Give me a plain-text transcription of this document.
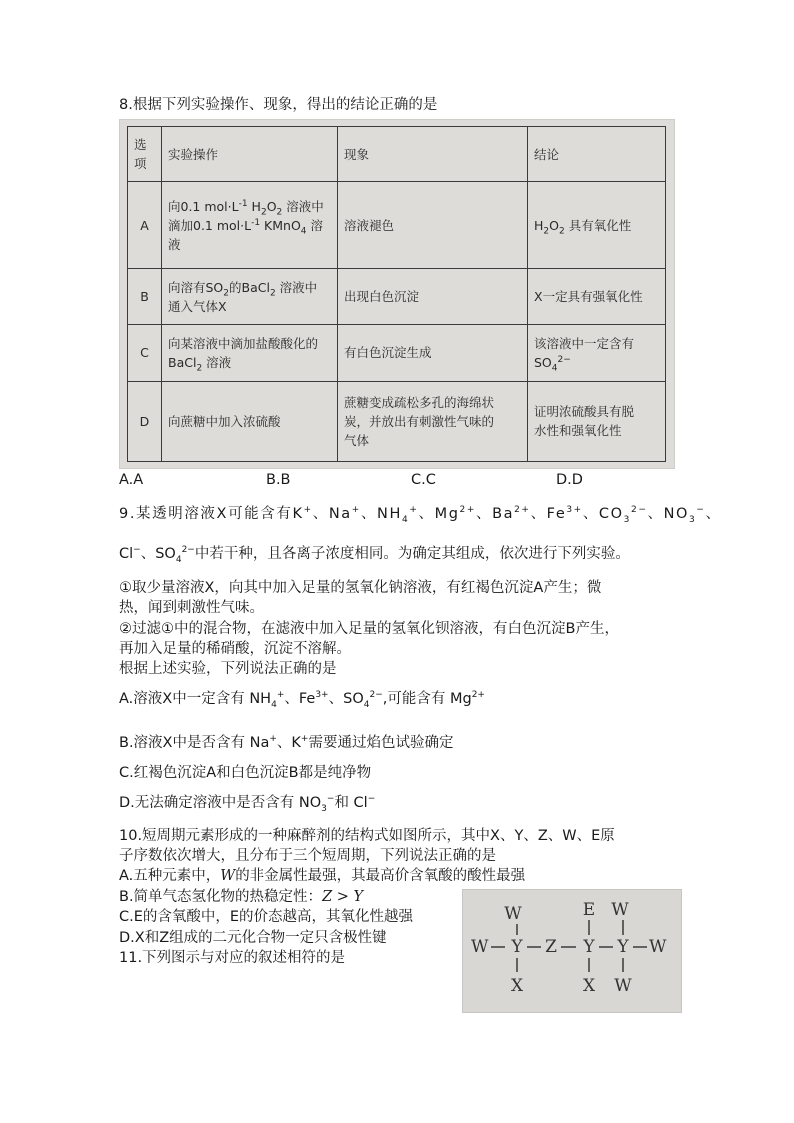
8.根据下列实验操作、现象，得出的结论正确的是
选项	实验操作	现象	结论
A	向0.1 $mol\cdot L^{-1}$ $H_2O_2$ 溶液中
滴加0.1 $mol\cdot L^{-1}$ KMnO$_4$ 溶
液	溶液褪色	$H_2O_2$ 具有氧化性
B	向溶有$SO_2$的BaCl$_2$ 溶液中
通入气体X	出现白色沉淀	X一定具有强氧化性
C	向某溶液中滴加盐酸酸化的
BaCl$_2$ 溶液	有白色沉淀生成	该溶液中一定含有
$SO_4^{2-}$
D	向蔗糖中加入浓硫酸	蔗糖变成疏松多孔的海绵状
炭，并放出有刺激性气味的
气体	证明浓硫酸具有脱
水性和强氧化性
A.A	B.B	C.C	D.D
9.某透明溶液X可能含有K+、Na+、$NH_4^+$、$Mg^{2+}$、$Ba^{2+}$、$Fe^{3+}$、$CO_3^{2-}$、$NO_3^-$、
Cl−、$SO_4^{2-}$中若干种，且各离子浓度相同。为确定其组成，依次进行下列实验。
①取少量溶液X，向其中加入足量的氢氧化钠溶液，有红褐色沉淀A产生；微
热，闻到刺激性气味。
②过滤①中的混合物，在滤液中加入足量的氢氧化钡溶液，有白色沉淀B产生，
再加入足量的稀硝酸，沉淀不溶解。
根据上述实验，下列说法正确的是
A.溶液X中一定含有 $NH_4^+$、$Fe^{3+}$、$SO_4^{2-}$,可能含有 $Mg^{2+}$
B.溶液X中是否含有 Na+、K+需要通过焰色试验确定
C.红褐色沉淀A和白色沉淀B都是纯净物
D.无法确定溶液中是否含有 $NO_3^-$和 Cl−
10.短周期元素形成的一种麻醉剂的结构式如图所示，其中X、Y、Z、W、E原
子序数依次增大，且分布于三个短周期，下列说法正确的是
A.五种元素中，W的非金属性最强，其最高价含氧酸的酸性最强
B.简单气态氢化物的热稳定性：Z > Y
C.E的含氧酸中，E的价态越高，其氧化性越强
D.X和Z组成的二元化合物一定只含极性键
11.下列图示与对应的叙述相符的是
W	E W
W Y Z Y Y W
X	X W
